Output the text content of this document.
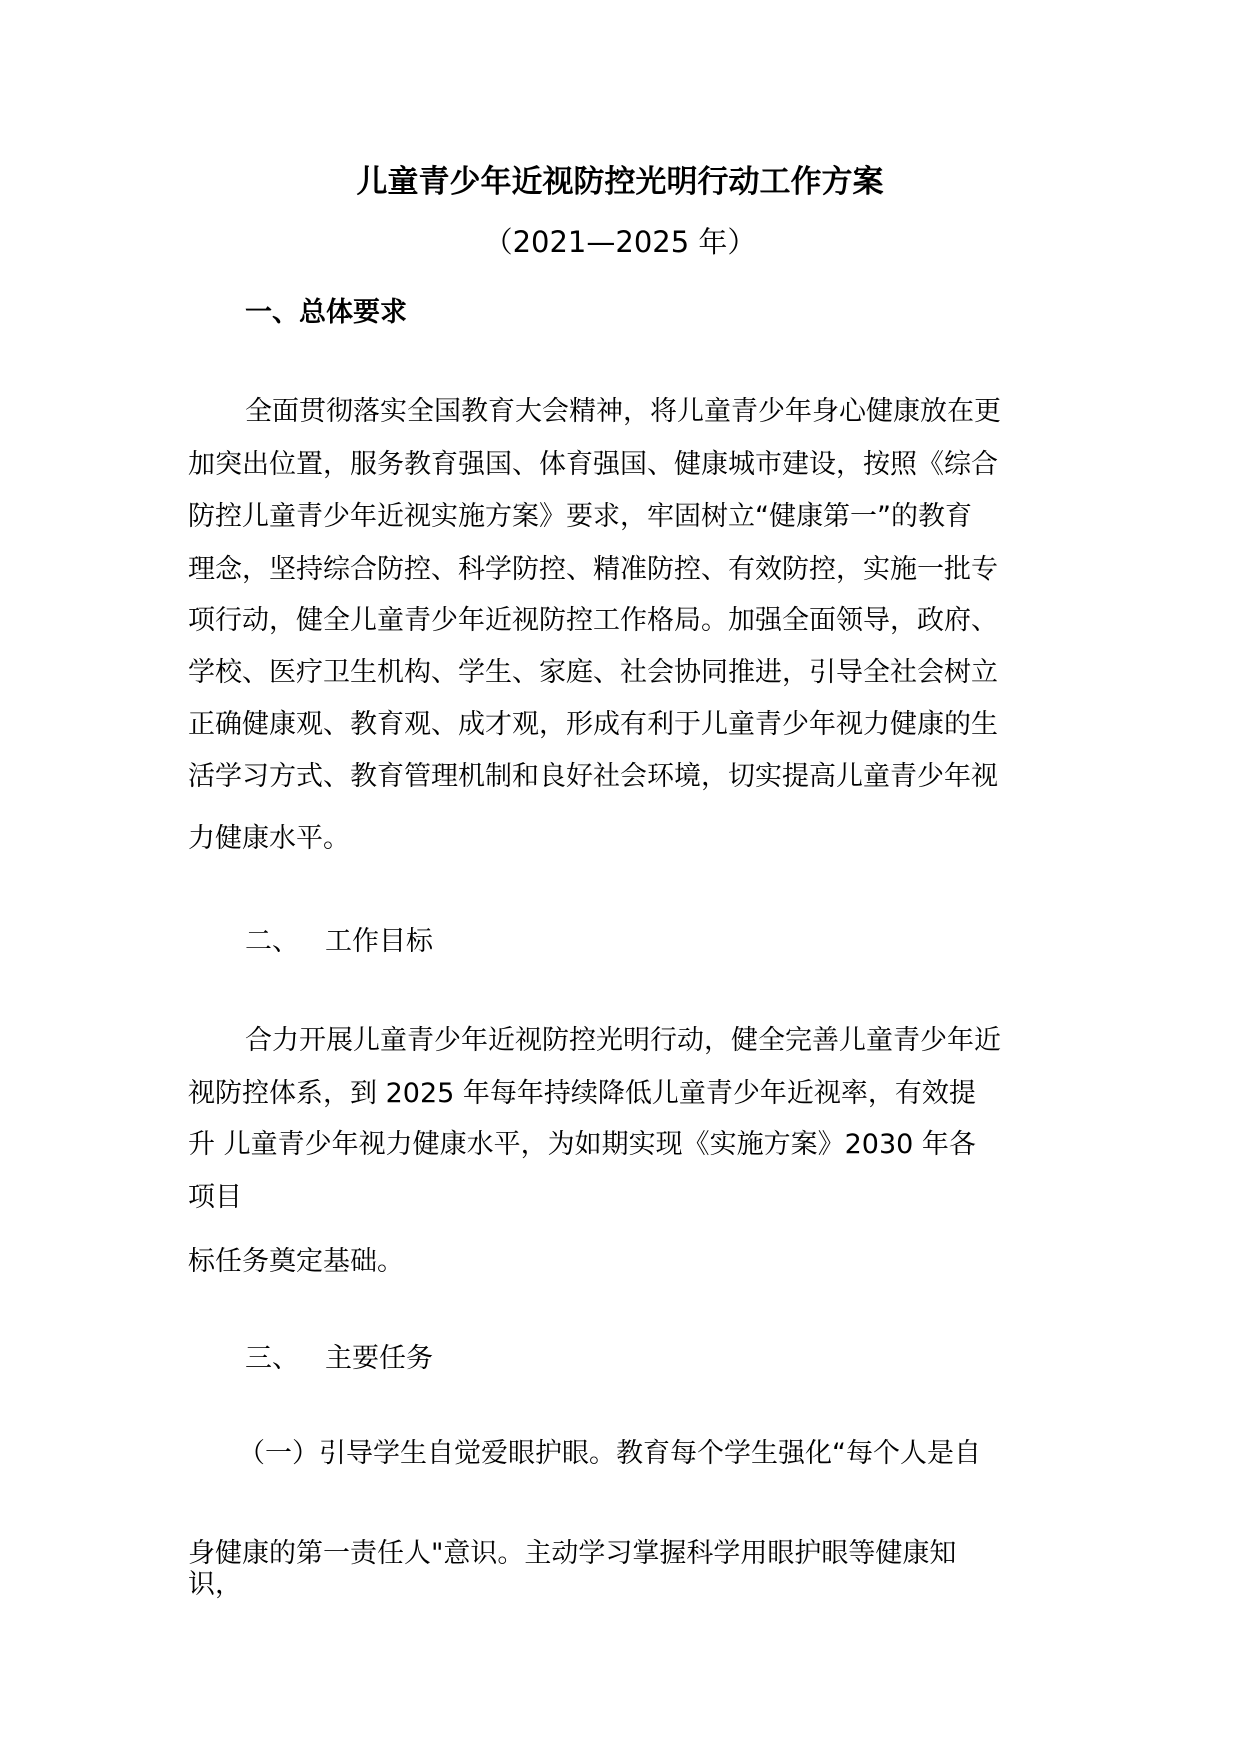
儿童青少年近视防控光明行动工作方案
（2021—2025 年）
一、总体要求
全面贯彻落实全国教育大会精神，将儿童青少年身心健康放在更
加突出位置，服务教育强国、体育强国、健康城市建设，按照《综合
防控儿童青少年近视实施方案》要求，牢固树立“健康第一”的教育
理念，坚持综合防控、科学防控、精准防控、有效防控，实施一批专
项行动，健全儿童青少年近视防控工作格局。加强全面领导，政府、
学校、医疗卫生机构、学生、家庭、社会协同推进，引导全社会树立
正确健康观、教育观、成才观，形成有利于儿童青少年视力健康的生
活学习方式、教育管理机制和良好社会环境，切实提高儿童青少年视
力健康水平。
二、 工作目标
合力开展儿童青少年近视防控光明行动，健全完善儿童青少年近
视防控体系，到 2025 年每年持续降低儿童青少年近视率，有效提
升 儿童青少年视力健康水平，为如期实现《实施方案》2030 年各
项目
标任务奠定基础。
三、 主要任务
（一）引导学生自觉爱眼护眼。教育每个学生强化“每个人是自
身健康的第一责任人"意识。主动学习掌握科学用眼护眼等健康知
识，
